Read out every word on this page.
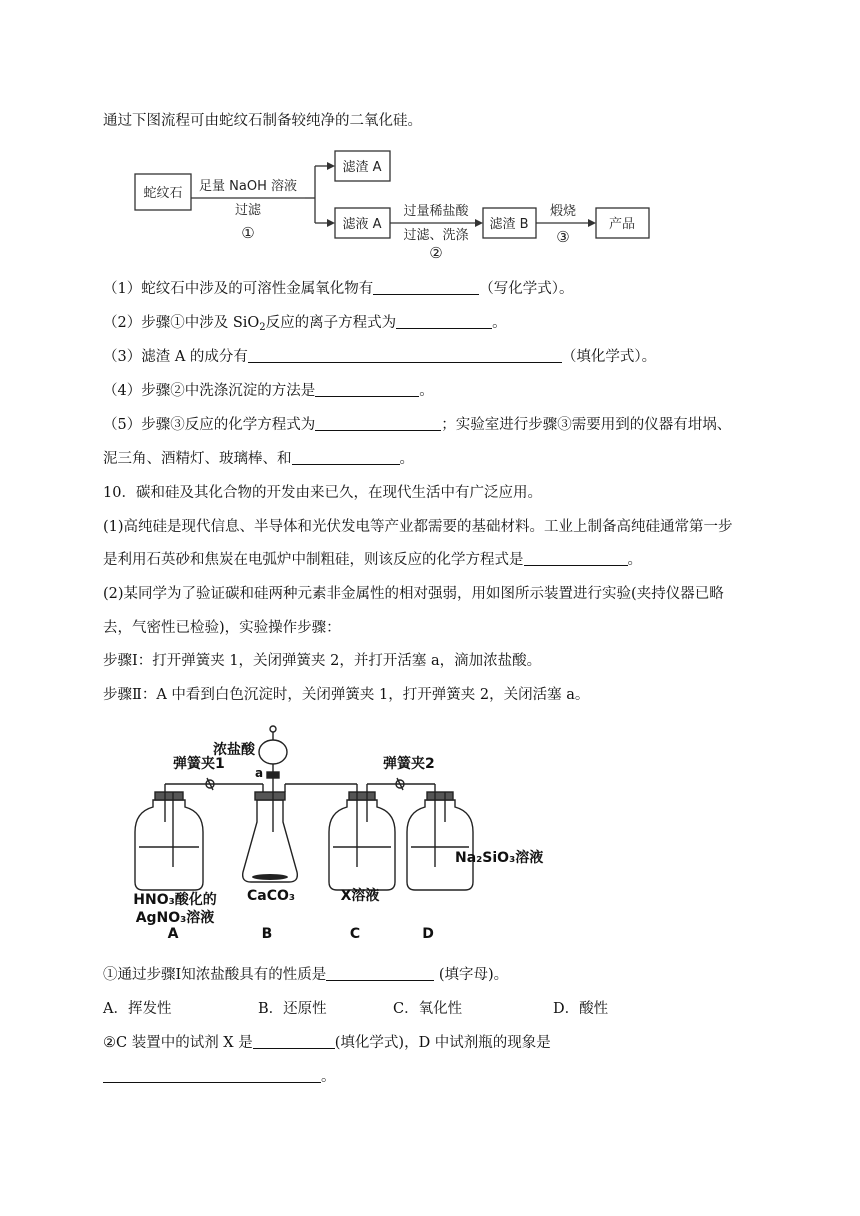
通过下图流程可由蛇纹石制备较纯净的二氧化硅。
蛇纹石 足量 NaOH 溶液
过滤
①
滤渣 A
滤液 A
过量稀盐酸
过滤、洗涤
②
滤渣 B
煅烧
③
产品
（1）蛇纹石中涉及的可溶性金属氧化物有	（写化学式）。
（2）步骤①中涉及 SiO$_2$反应的离子方程式为	。
（3）滤渣 A 的成分有	（填化学式）。
（4）步骤②中洗涤沉淀的方法是	。
（5）步骤③反应的化学方程式为	；实验室进行步骤③需要用到的仪器有坩埚、
泥三角、酒精灯、玻璃棒、和	。
10．碳和硅及其化合物的开发由来已久，在现代生活中有广泛应用。
(1)高纯硅是现代信息、半导体和光伏发电等产业都需要的基础材料。工业上制备高纯硅通常第一步
是利用石英砂和焦炭在电弧炉中制粗硅，则该反应的化学方程式是	。
(2)某同学为了验证碳和硅两种元素非金属性的相对强弱，用如图所示装置进行实验(夹持仪器已略
去，气密性已检验)，实验操作步骤：
步骤Ⅰ：打开弹簧夹 1，关闭弹簧夹 2，并打开活塞 a，滴加浓盐酸。
步骤Ⅱ：A 中看到白色沉淀时，关闭弹簧夹 1，打开弹簧夹 2，关闭活塞 a。
浓盐酸
弹簧夹1	弹簧夹2
a
HNO₃酸化的
AgNO₃溶液
CaCO₃	X溶液
Na₂SiO₃溶液
A	B	C	D
①通过步骤Ⅰ知浓盐酸具有的性质是	(填字母)。
A．挥发性	B．还原性	C．氧化性	D．酸性
②C 装置中的试剂 X 是	(填化学式)，D 中试剂瓶的现象是
。
